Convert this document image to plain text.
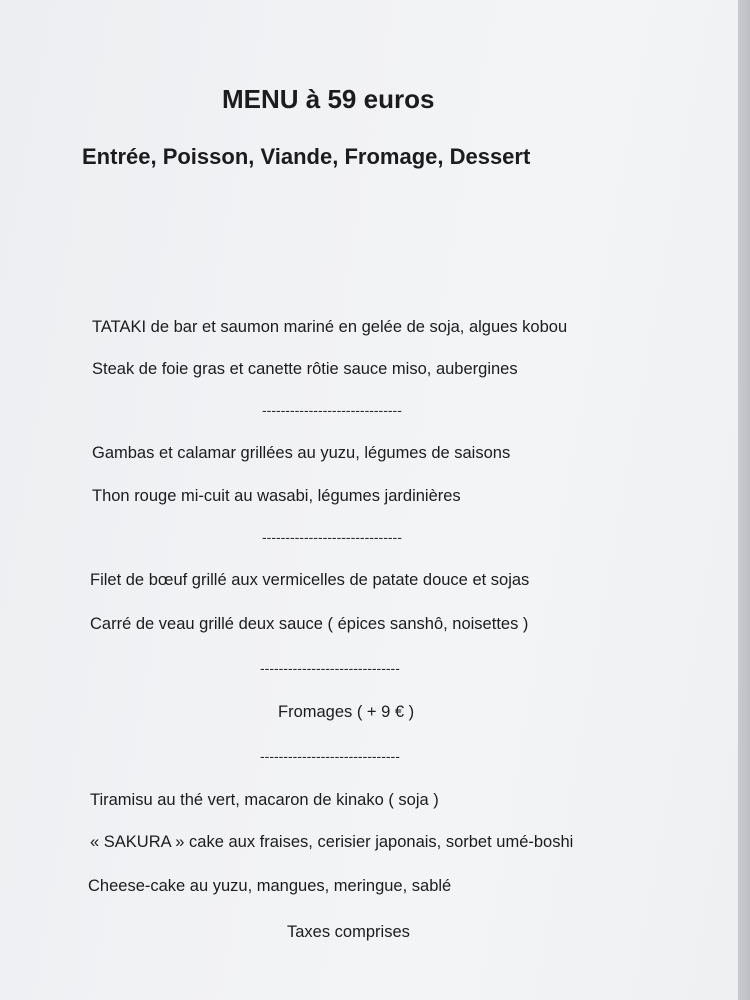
MENU à 59 euros
Entrée, Poisson, Viande, Fromage, Dessert
TATAKI de bar et saumon mariné en gelée de soja, algues kobou
Steak de foie gras et canette rôtie sauce miso, aubergines
------------------------------
Gambas et calamar grillées au yuzu, légumes de saisons
Thon rouge mi-cuit au wasabi, légumes jardinières
------------------------------
Filet de bœuf grillé aux vermicelles de patate douce et sojas
Carré de veau grillé deux sauce ( épices sanshô, noisettes )
------------------------------
Fromages ( + 9 € )
------------------------------
Tiramisu au thé vert, macaron de kinako ( soja )
« SAKURA » cake aux fraises, cerisier japonais, sorbet umé-boshi
Cheese-cake au yuzu, mangues, meringue, sablé
Taxes comprises
